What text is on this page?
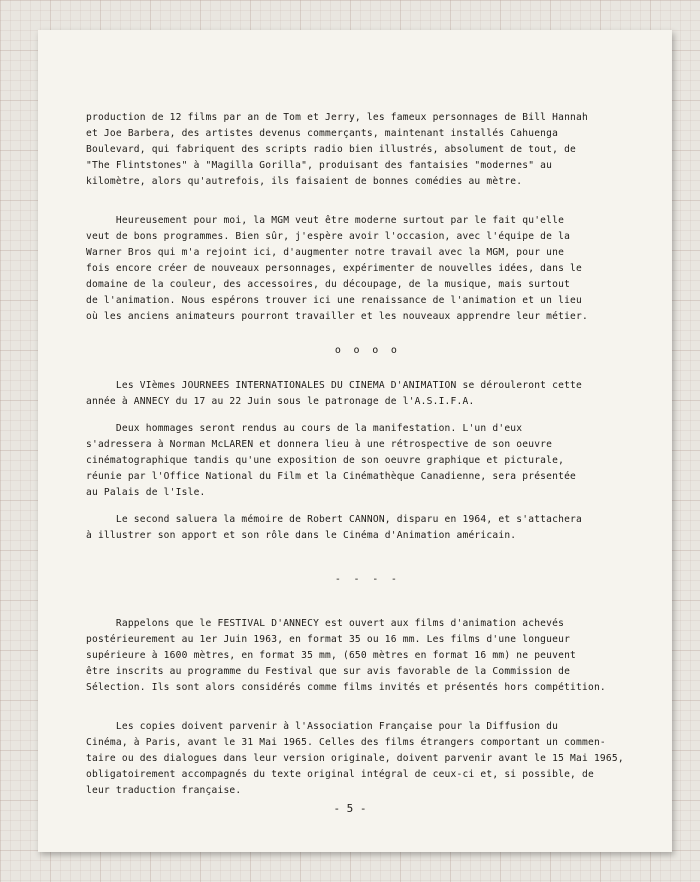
production de 12 films par an de Tom et Jerry, les fameux personnages de Bill Hannah
et Joe Barbera, des artistes devenus commerçants, maintenant installés Cahuenga
Boulevard, qui fabriquent des scripts radio bien illustrés, absolument de tout, de
"The Flintstones" à "Magilla Gorilla", produisant des fantaisies "modernes" au
kilomètre, alors qu'autrefois, ils faisaient de bonnes comédies au mètre.
Heureusement pour moi, la MGM veut être moderne surtout par le fait qu'elle
veut de bons programmes. Bien sûr, j'espère avoir l'occasion, avec l'équipe de la
Warner Bros qui m'a rejoint ici, d'augmenter notre travail avec la MGM, pour une
fois encore créer de nouveaux personnages, expérimenter de nouvelles idées, dans le
domaine de la couleur, des accessoires, du découpage, de la musique, mais surtout
de l'animation. Nous espérons trouver ici une renaissance de l'animation et un lieu
où les anciens animateurs pourront travailler et les nouveaux apprendre leur métier.
o  o  o  o
Les VIèmes JOURNEES INTERNATIONALES DU CINEMA D'ANIMATION se dérouleront cette
année à ANNECY du 17 au 22 Juin sous le patronage de l'A.S.I.F.A.
Deux hommages seront rendus au cours de la manifestation. L'un d'eux
s'adressera à Norman McLAREN et donnera lieu à une rétrospective de son oeuvre
cinématographique tandis qu'une exposition de son oeuvre graphique et picturale,
réunie par l'Office National du Film et la Cinémathèque Canadienne, sera présentée
au Palais de l'Isle.
Le second saluera la mémoire de Robert CANNON, disparu en 1964, et s'attachera
à illustrer son apport et son rôle dans le Cinéma d'Animation américain.
-  -  -  -
Rappelons que le FESTIVAL D'ANNECY est ouvert aux films d'animation achevés
postérieurement au 1er Juin 1963, en format 35 ou 16 mm. Les films d'une longueur
supérieure à 1600 mètres, en format 35 mm, (650 mètres en format 16 mm) ne peuvent
être inscrits au programme du Festival que sur avis favorable de la Commission de
Sélection. Ils sont alors considérés comme films invités et présentés hors compétition.
Les copies doivent parvenir à l'Association Française pour la Diffusion du
Cinéma, à Paris, avant le 31 Mai 1965. Celles des films étrangers comportant un commen-
taire ou des dialogues dans leur version originale, doivent parvenir avant le 15 Mai 1965,
obligatoirement accompagnés du texte original intégral de ceux-ci et, si possible, de
leur traduction française.
- 5 -
